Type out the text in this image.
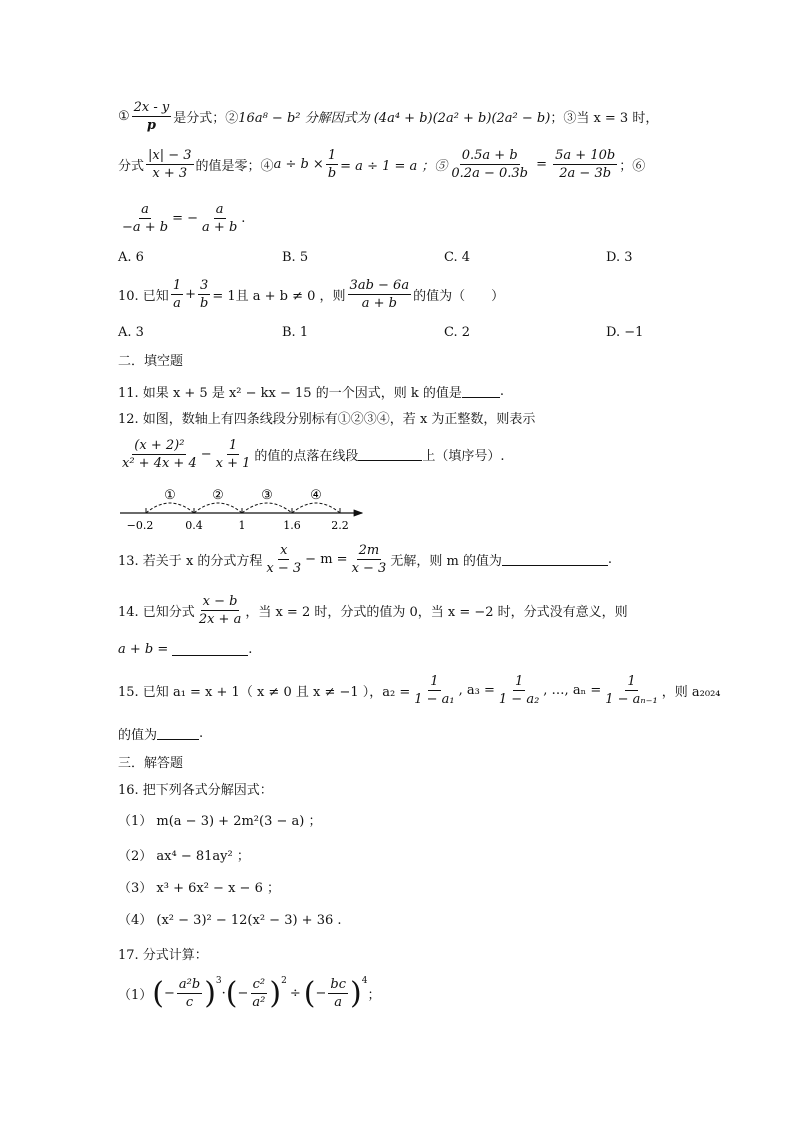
① $\frac{2x - y}{p}$ 是分式；② 16a⁸ − b² 分解因式为 (4a⁴ + b)(2a² + b)(2a² − b) ；③当 x = 3 时，
分式 $\frac{|x| - 3}{x + 3}$ 的值是零；④ $a \div b \times \frac{1}{b} = a \div 1 = a$ ；⑤ $\frac{0.5a + b}{0.2a - 0.3b} = \frac{5a + 10b}{2a - 3b}$ ；⑥
$\frac{a}{-a + b}$ = − $\frac{a}{a + b}$ .
A. 6	B. 5	C. 4	D. 3
10. 已知 $\frac{1}{a} + \frac{3}{b} = 1$且 a + b ≠ 0 ，则 $\frac{3ab - 6a}{a + b}$ 的值为（　　）
A. 3	B. 1	C. 2	D. −1
二．填空题
11. 如果 x + 5 是 x² − kx − 15 的一个因式，则 k 的值是	.
12. 如图，数轴上有四条线段分别标有①②③④，若 x 为正整数，则表示
$\frac{\text{(x + 2)²}}{\text{x² + 4x + 4}} - \frac{1}{x + 1}$ 的值的点落在线段	上（填序号）.
①	②	③	④
−0.2	0.4	1	1.6	2.2
13. 若关于 x 的分式方程 $\frac{x}{x - 3} - m = \frac{2m}{x - 3}$ 无解，则 m 的值为	.
14. 已知分式 $\frac{x - b}{2x + a}$ ，当 x = 2 时，分式的值为 0，当 x = −2 时，分式没有意义，则
a + b =	.
15. 已知 a₁ = x + 1（ x ≠ 0 且 x ≠ −1 ），$a_2 = \frac{1}{\text{1 − a₁}}$ , $a_3 = \frac{1}{\text{1 − a₂}}$ , …, $a_n = \frac{1}{\text{1 − aₙ₋₁}}$ ，则 a₂₀₂₄
的值为	.
三．解答题
16. 把下列各式分解因式：
（1） m(a − 3) + 2m²(3 − a) ；
（2） ax⁴ − 81ay² ；
（3） x³ + 6x² − x − 6 ；
（4） (x² − 3)² − 12(x² − 3) + 36 .
17. 分式计算：
（1） ( − $\frac{\text{a²b}}{c}$ ) 3
· ( − $\frac{\text{c²}}{\text{a²}}$ ) 2
÷ ( − $\frac{bc}{a}$ ) 4
；
